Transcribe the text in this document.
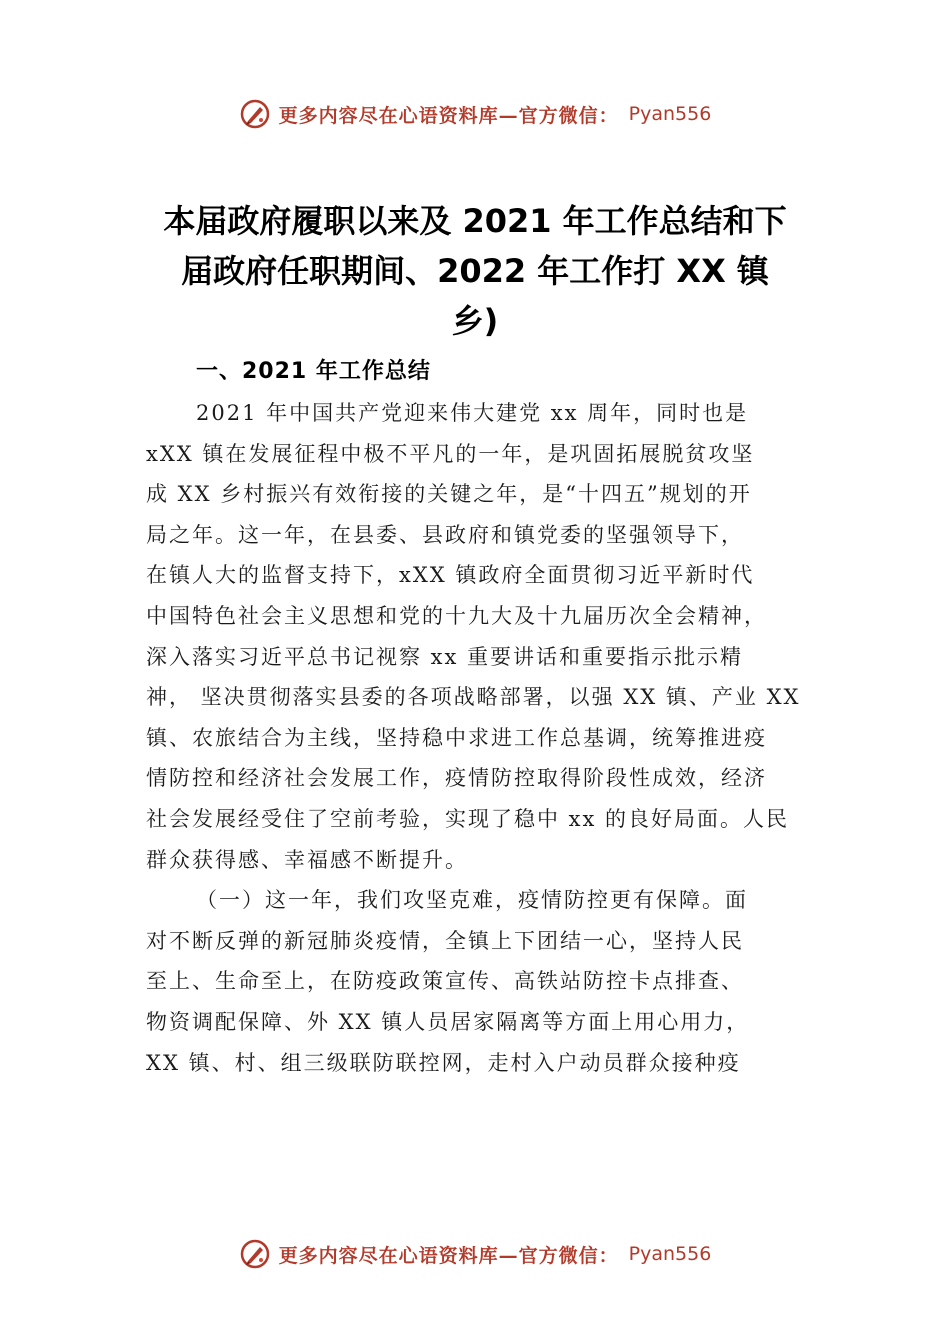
更多内容尽在心语资料库—官方微信： Pyan556
本届政府履职以来及 2021 年工作总结和下
届政府任职期间、2022 年工作打 XX 镇
乡)
一、2021 年工作总结
2021 年中国共产党迎来伟大建党 xx 周年，同时也是
xXX 镇在发展征程中极不平凡的一年，是巩固拓展脱贫攻坚
成 XX 乡村振兴有效衔接的关键之年，是“十四五”规划的开
局之年。这一年，在县委、县政府和镇党委的坚强领导下，
在镇人大的监督支持下，xXX 镇政府全面贯彻习近平新时代
中国特色社会主义思想和党的十九大及十九届历次全会精神，
深入落实习近平总书记视察 xx 重要讲话和重要指示批示精
神， 坚决贯彻落实县委的各项战略部署，以强 XX 镇、产业 XX
镇、农旅结合为主线，坚持稳中求进工作总基调，统筹推进疫
情防控和经济社会发展工作，疫情防控取得阶段性成效，经济
社会发展经受住了空前考验，实现了稳中 xx 的良好局面。人民
群众获得感、幸福感不断提升。
（一）这一年，我们攻坚克难，疫情防控更有保障。面
对不断反弹的新冠肺炎疫情，全镇上下团结一心，坚持人民
至上、生命至上，在防疫政策宣传、高铁站防控卡点排查、
物资调配保障、外 XX 镇人员居家隔离等方面上用心用力，
XX 镇、村、组三级联防联控网，走村入户动员群众接种疫
更多内容尽在心语资料库—官方微信： Pyan556
